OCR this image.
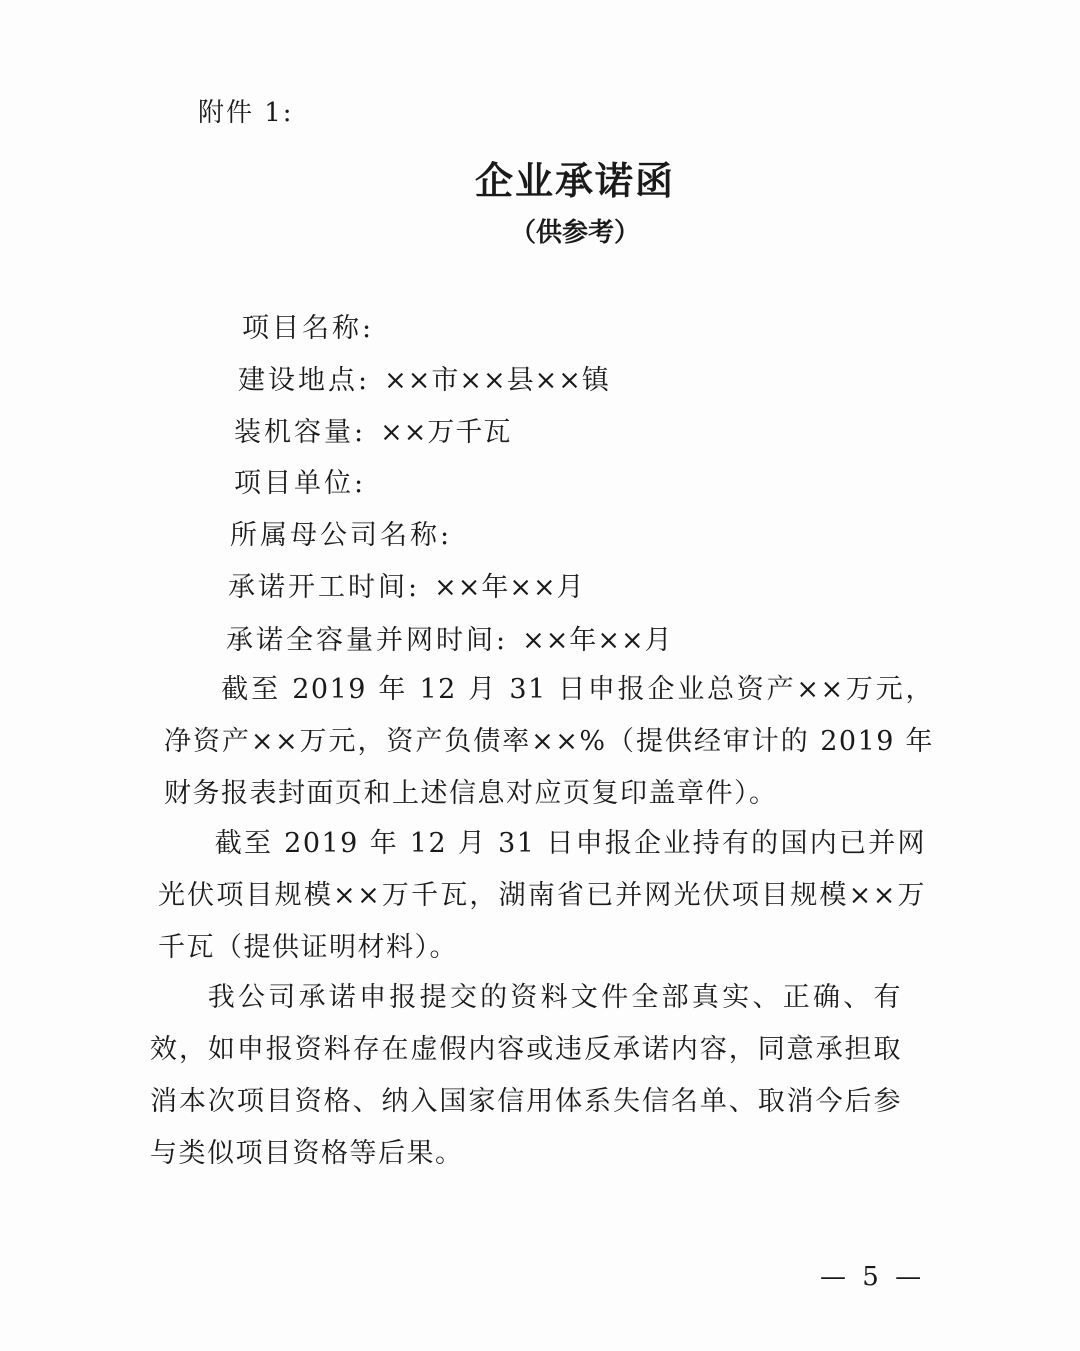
附件 1:
企业承诺函
（供参考）
项目名称:
建设地点: ××市××县××镇
装机容量: ××万千瓦
项目单位:
所属母公司名称:
承诺开工时间: ××年××月
承诺全容量并网时间: ××年××月
截至 2019 年 12 月 31 日申报企业总资产××万元，净资产××万元，资产负债率××%（提供经审计的 2019 年财务报表封面页和上述信息对应页复印盖章件）。
截至 2019 年 12 月 31 日申报企业持有的国内已并网光伏项目规模××万千瓦，湖南省已并网光伏项目规模××万千瓦（提供证明材料）。
我公司承诺申报提交的资料文件全部真实、正确、有效，如申报资料存在虚假内容或违反承诺内容，同意承担取消本次项目资格、纳入国家信用体系失信名单、取消今后参与类似项目资格等后果。
— 5 —
